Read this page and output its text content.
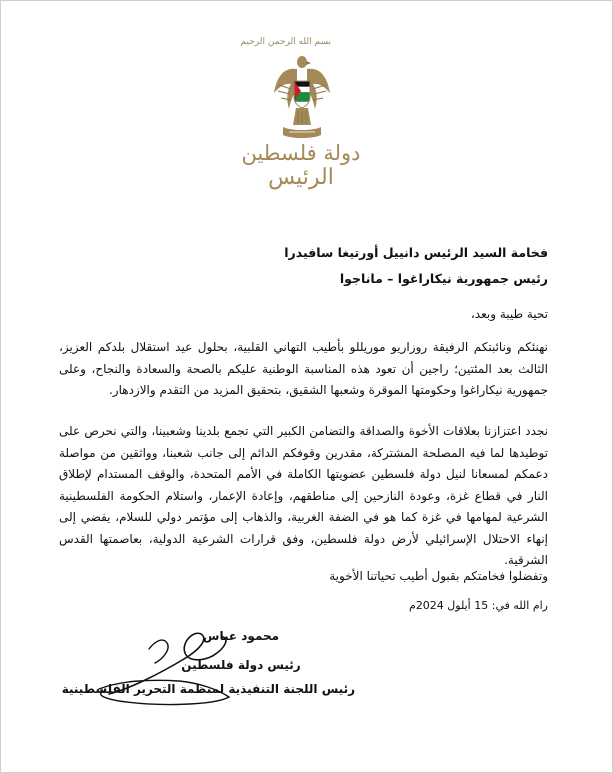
بسم الله الرحمن الرحيم
دولة فلسطين
الرئيس
فخامة السيد الرئيس دانييل أورتيغا سافيدرا
رئيس جمهورية نيكاراغوا – ماناجوا
تحية طيبة وبعد،
نهنئكم ونائبتكم الرفيقة روزاريو موريللو بأطيب التهاني القلبية، بحلول عيد استقلال بلدكم العزيز، الثالث بعد المئتين؛ راجين أن تعود هذه المناسبة الوطنية عليكم بالصحة والسعادة والنجاح، وعلى جمهورية نيكاراغوا وحكومتها الموقرة وشعبها الشقيق، بتحقيق المزيد من التقدم والازدهار.
نجدد اعتزازنا بعلاقات الأخوة والصداقة والتضامن الكبير التي تجمع بلدينا وشعبينا، والتي نحرص على توطيدها لما فيه المصلحة المشتركة، مقدرين وقوفكم الدائم إلى جانب شعبنا، وواثقين من مواصلة دعمكم لمسعانا لنيل دولة فلسطين عضويتها الكاملة في الأمم المتحدة، والوقف المستدام لإطلاق النار في قطاع غزة، وعودة النازحين إلى مناطقهم، وإعادة الإعمار، واستلام الحكومة الفلسطينية الشرعية لمهامها في غزة كما هو في الضفة الغربية، والذهاب إلى مؤتمر دولي للسلام، يفضي إلى إنهاء الاحتلال الإسرائيلي لأرض دولة فلسطين، وفق قرارات الشرعية الدولية، بعاصمتها القدس الشرقية.
وتفضلوا فخامتكم بقبول أطيب تحياتنا الأخوية
رام الله في: 15 أيلول 2024م
محمود عباس
رئيس دولة فلسطين
رئيس اللجنة التنفيذية لمنظمة التحرير الفلسطينية
